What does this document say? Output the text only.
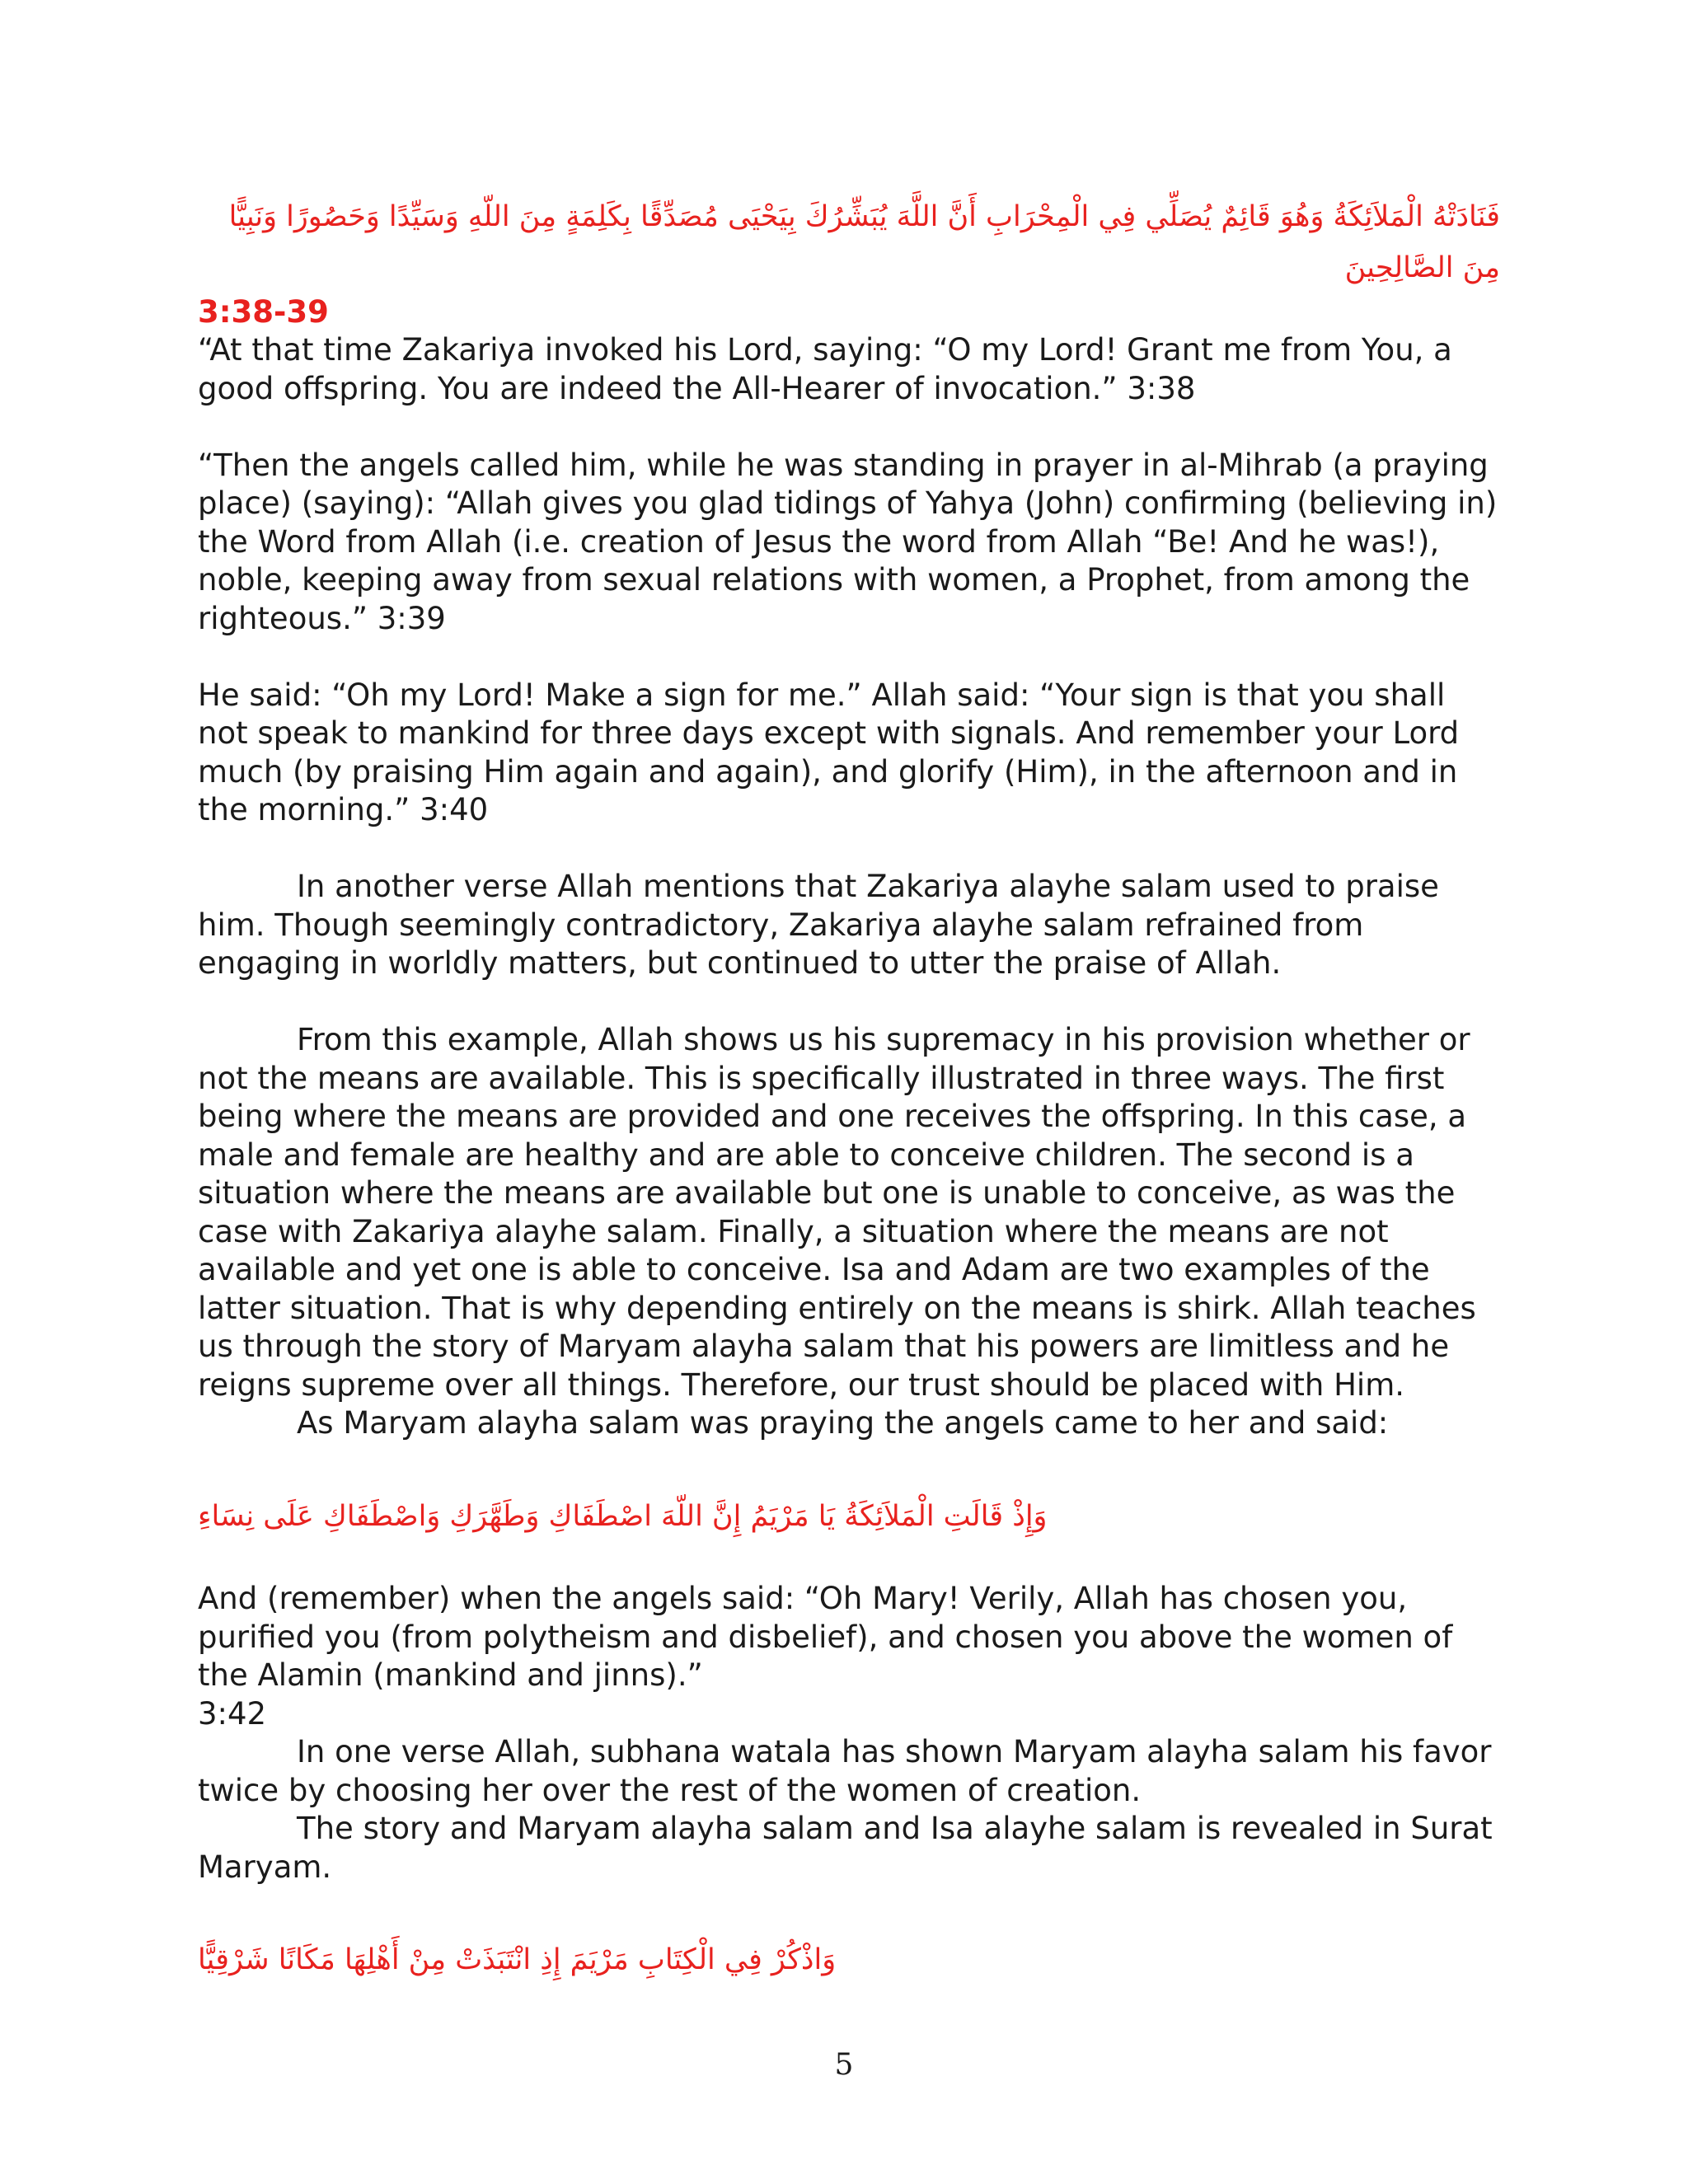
فَنَادَتْهُ الْمَلاَئِكَةُ وَهُوَ قَائِمٌ يُصَلِّي فِي الْمِحْرَابِ أَنَّ اللَّهَ يُبَشِّرُكَ بِيَحْيَى مُصَدِّقًا بِكَلِمَةٍ مِنَ اللّهِ وَسَيِّدًا وَحَصُورًا وَنَبِيًّا مِنَ الصَّالِحِينَ

3:38-39

“At that time Zakariya invoked his Lord, saying: “O my Lord! Grant me from You, a good offspring. You are indeed the All-Hearer of invocation.” 3:38

“Then the angels called him, while he was standing in prayer in al-Mihrab (a praying place) (saying): “Allah gives you glad tidings of Yahya (John) confirming (believing in) the Word from Allah (i.e. creation of Jesus the word from Allah “Be! And he was!), noble, keeping away from sexual relations with women, a Prophet, from among the righteous.” 3:39

He said: “Oh my Lord! Make a sign for me.” Allah said: “Your sign is that you shall not speak to mankind for three days except with signals. And remember your Lord much (by praising Him again and again), and glorify (Him), in the afternoon and in the morning.” 3:40

In another verse Allah mentions that Zakariya alayhe salam used to praise him. Though seemingly contradictory, Zakariya alayhe salam refrained from engaging in worldly matters, but continued to utter the praise of Allah.

From this example, Allah shows us his supremacy in his provision whether or not the means are available. This is specifically illustrated in three ways. The first being where the means are provided and one receives the offspring. In this case, a male and female are healthy and are able to conceive children. The second is a situation where the means are available but one is unable to conceive, as was the case with Zakariya alayhe salam. Finally, a situation where the means are not available and yet one is able to conceive. Isa and Adam are two examples of the latter situation. That is why depending entirely on the means is shirk. Allah teaches us through the story of Maryam alayha salam that his powers are limitless and he reigns supreme over all things. Therefore, our trust should be placed with Him.

As Maryam alayha salam was praying the angels came to her and said:

وَإِذْ قَالَتِ الْمَلاَئِكَةُ يَا مَرْيَمُ إِنَّ اللّهَ اصْطَفَاكِ وَطَهَّرَكِ وَاصْطَفَاكِ عَلَى نِسَاءِ

And (remember) when the angels said: “Oh Mary! Verily, Allah has chosen you, purified you (from polytheism and disbelief), and chosen you above the women of the Alamin (mankind and jinns).”

3:42

In one verse Allah, subhana watala has shown Maryam alayha salam his favor twice by choosing her over the rest of the women of creation.

The story and Maryam alayha salam and Isa alayhe salam is revealed in Surat Maryam.

وَاذْكُرْ فِي الْكِتَابِ مَرْيَمَ إِذِ انْتَبَذَتْ مِنْ أَهْلِهَا مَكَانًا شَرْقِيًّا

5
